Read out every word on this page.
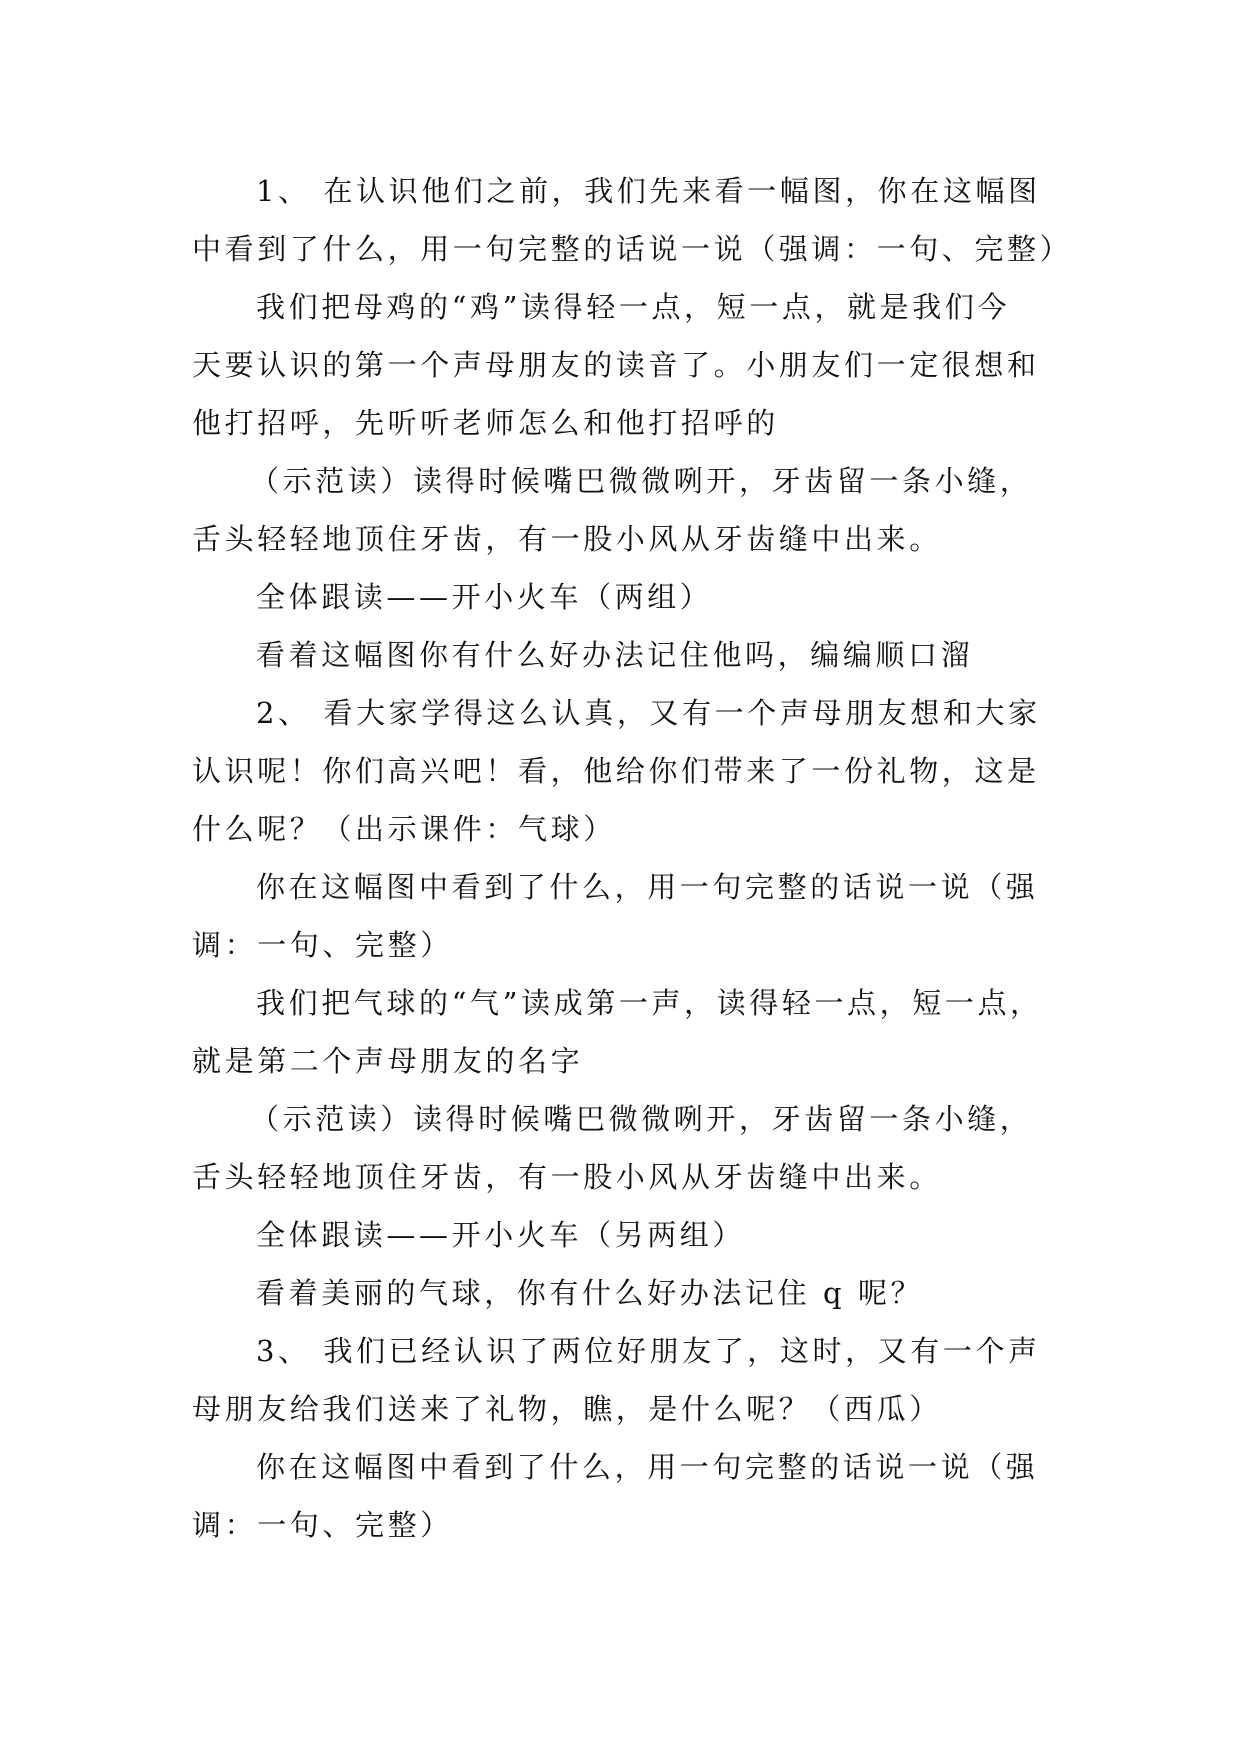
1、 在认识他们之前，我们先来看一幅图，你在这幅图
中看到了什么，用一句完整的话说一说（强调：一句、完整）
我们把母鸡的“鸡”读得轻一点，短一点，就是我们今
天要认识的第一个声母朋友的读音了。小朋友们一定很想和
他打招呼，先听听老师怎么和他打招呼的
（示范读）读得时候嘴巴微微咧开，牙齿留一条小缝，
舌头轻轻地顶住牙齿，有一股小风从牙齿缝中出来。
全体跟读——开小火车（两组）
看着这幅图你有什么好办法记住他吗，编编顺口溜
2、 看大家学得这么认真，又有一个声母朋友想和大家
认识呢！你们高兴吧！看，他给你们带来了一份礼物，这是
什么呢？（出示课件：气球）
你在这幅图中看到了什么，用一句完整的话说一说（强
调：一句、完整）
我们把气球的“气”读成第一声，读得轻一点，短一点，
就是第二个声母朋友的名字
（示范读）读得时候嘴巴微微咧开，牙齿留一条小缝，
舌头轻轻地顶住牙齿，有一股小风从牙齿缝中出来。
全体跟读——开小火车（另两组）
看着美丽的气球，你有什么好办法记住 q 呢？
3、 我们已经认识了两位好朋友了，这时，又有一个声
母朋友给我们送来了礼物，瞧，是什么呢？（西瓜）
你在这幅图中看到了什么，用一句完整的话说一说（强
调：一句、完整）
